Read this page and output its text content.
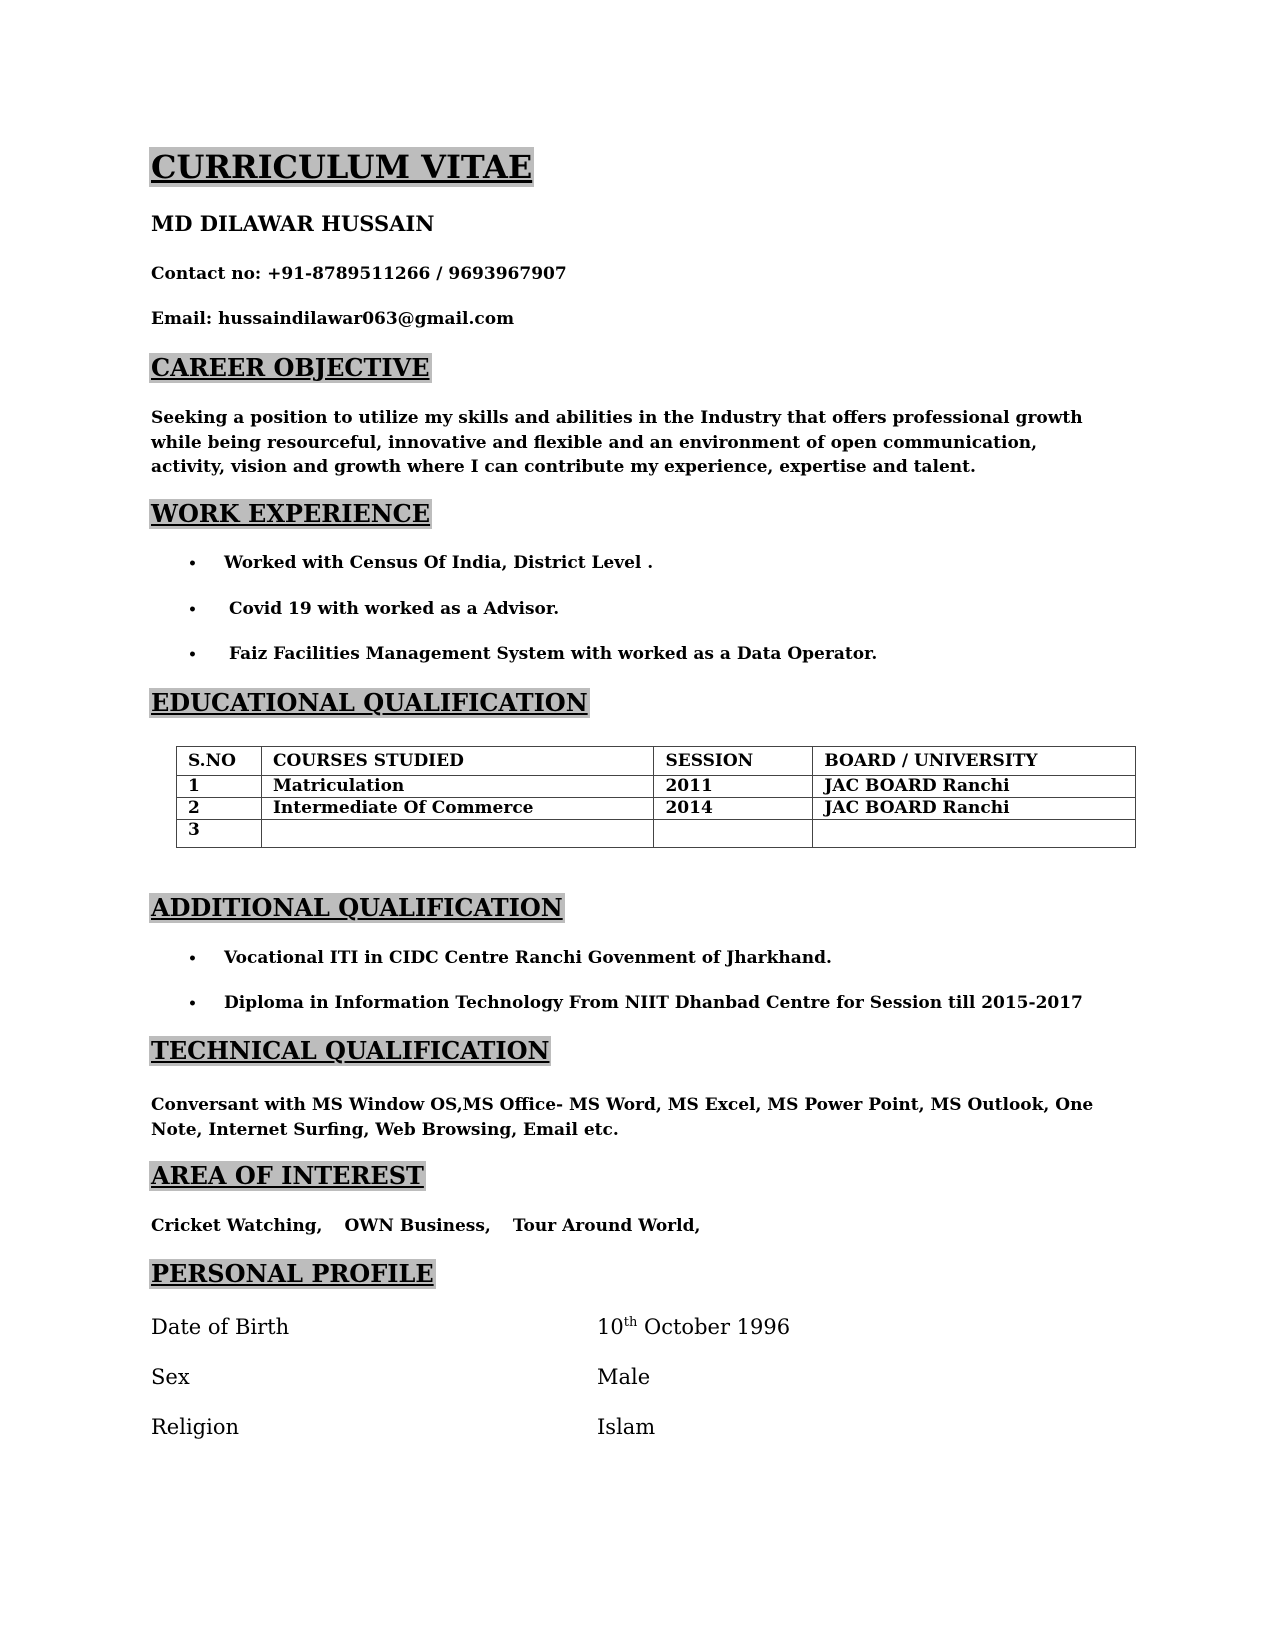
CURRICULUM VITAE
MD DILAWAR HUSSAIN
Contact no: +91-8789511266 / 9693967907
Email: hussaindilawar063@gmail.com
CAREER OBJECTIVE
Seeking a position to utilize my skills and abilities in the Industry that offers professional growth while being resourceful, innovative and flexible and an environment of open communication, activity, vision and growth where I can contribute my experience, expertise and talent.
WORK EXPERIENCE
• Worked with Census Of India, District Level .
• Covid 19 with worked as a Advisor.
• Faiz Facilities Management System with worked as a Data Operator.
EDUCATIONAL QUALIFICATION
S.NO	COURSES STUDIED	SESSION	BOARD / UNIVERSITY
1	Matriculation	2011	JAC BOARD Ranchi
2	Intermediate Of Commerce	2014	JAC BOARD Ranchi
3			
ADDITIONAL QUALIFICATION
• Vocational ITI in CIDC Centre Ranchi Govenment of Jharkhand.
• Diploma in Information Technology From NIIT Dhanbad Centre for Session till 2015-2017
TECHNICAL QUALIFICATION
Conversant with MS Window OS,MS Office- MS Word, MS Excel, MS Power Point, MS Outlook, One Note, Internet Surfing, Web Browsing, Email etc.
AREA OF INTEREST
Cricket Watching, OWN Business, Tour Around World,
PERSONAL PROFILE
Date of Birth	10th October 1996
Sex	Male
Religion	Islam
